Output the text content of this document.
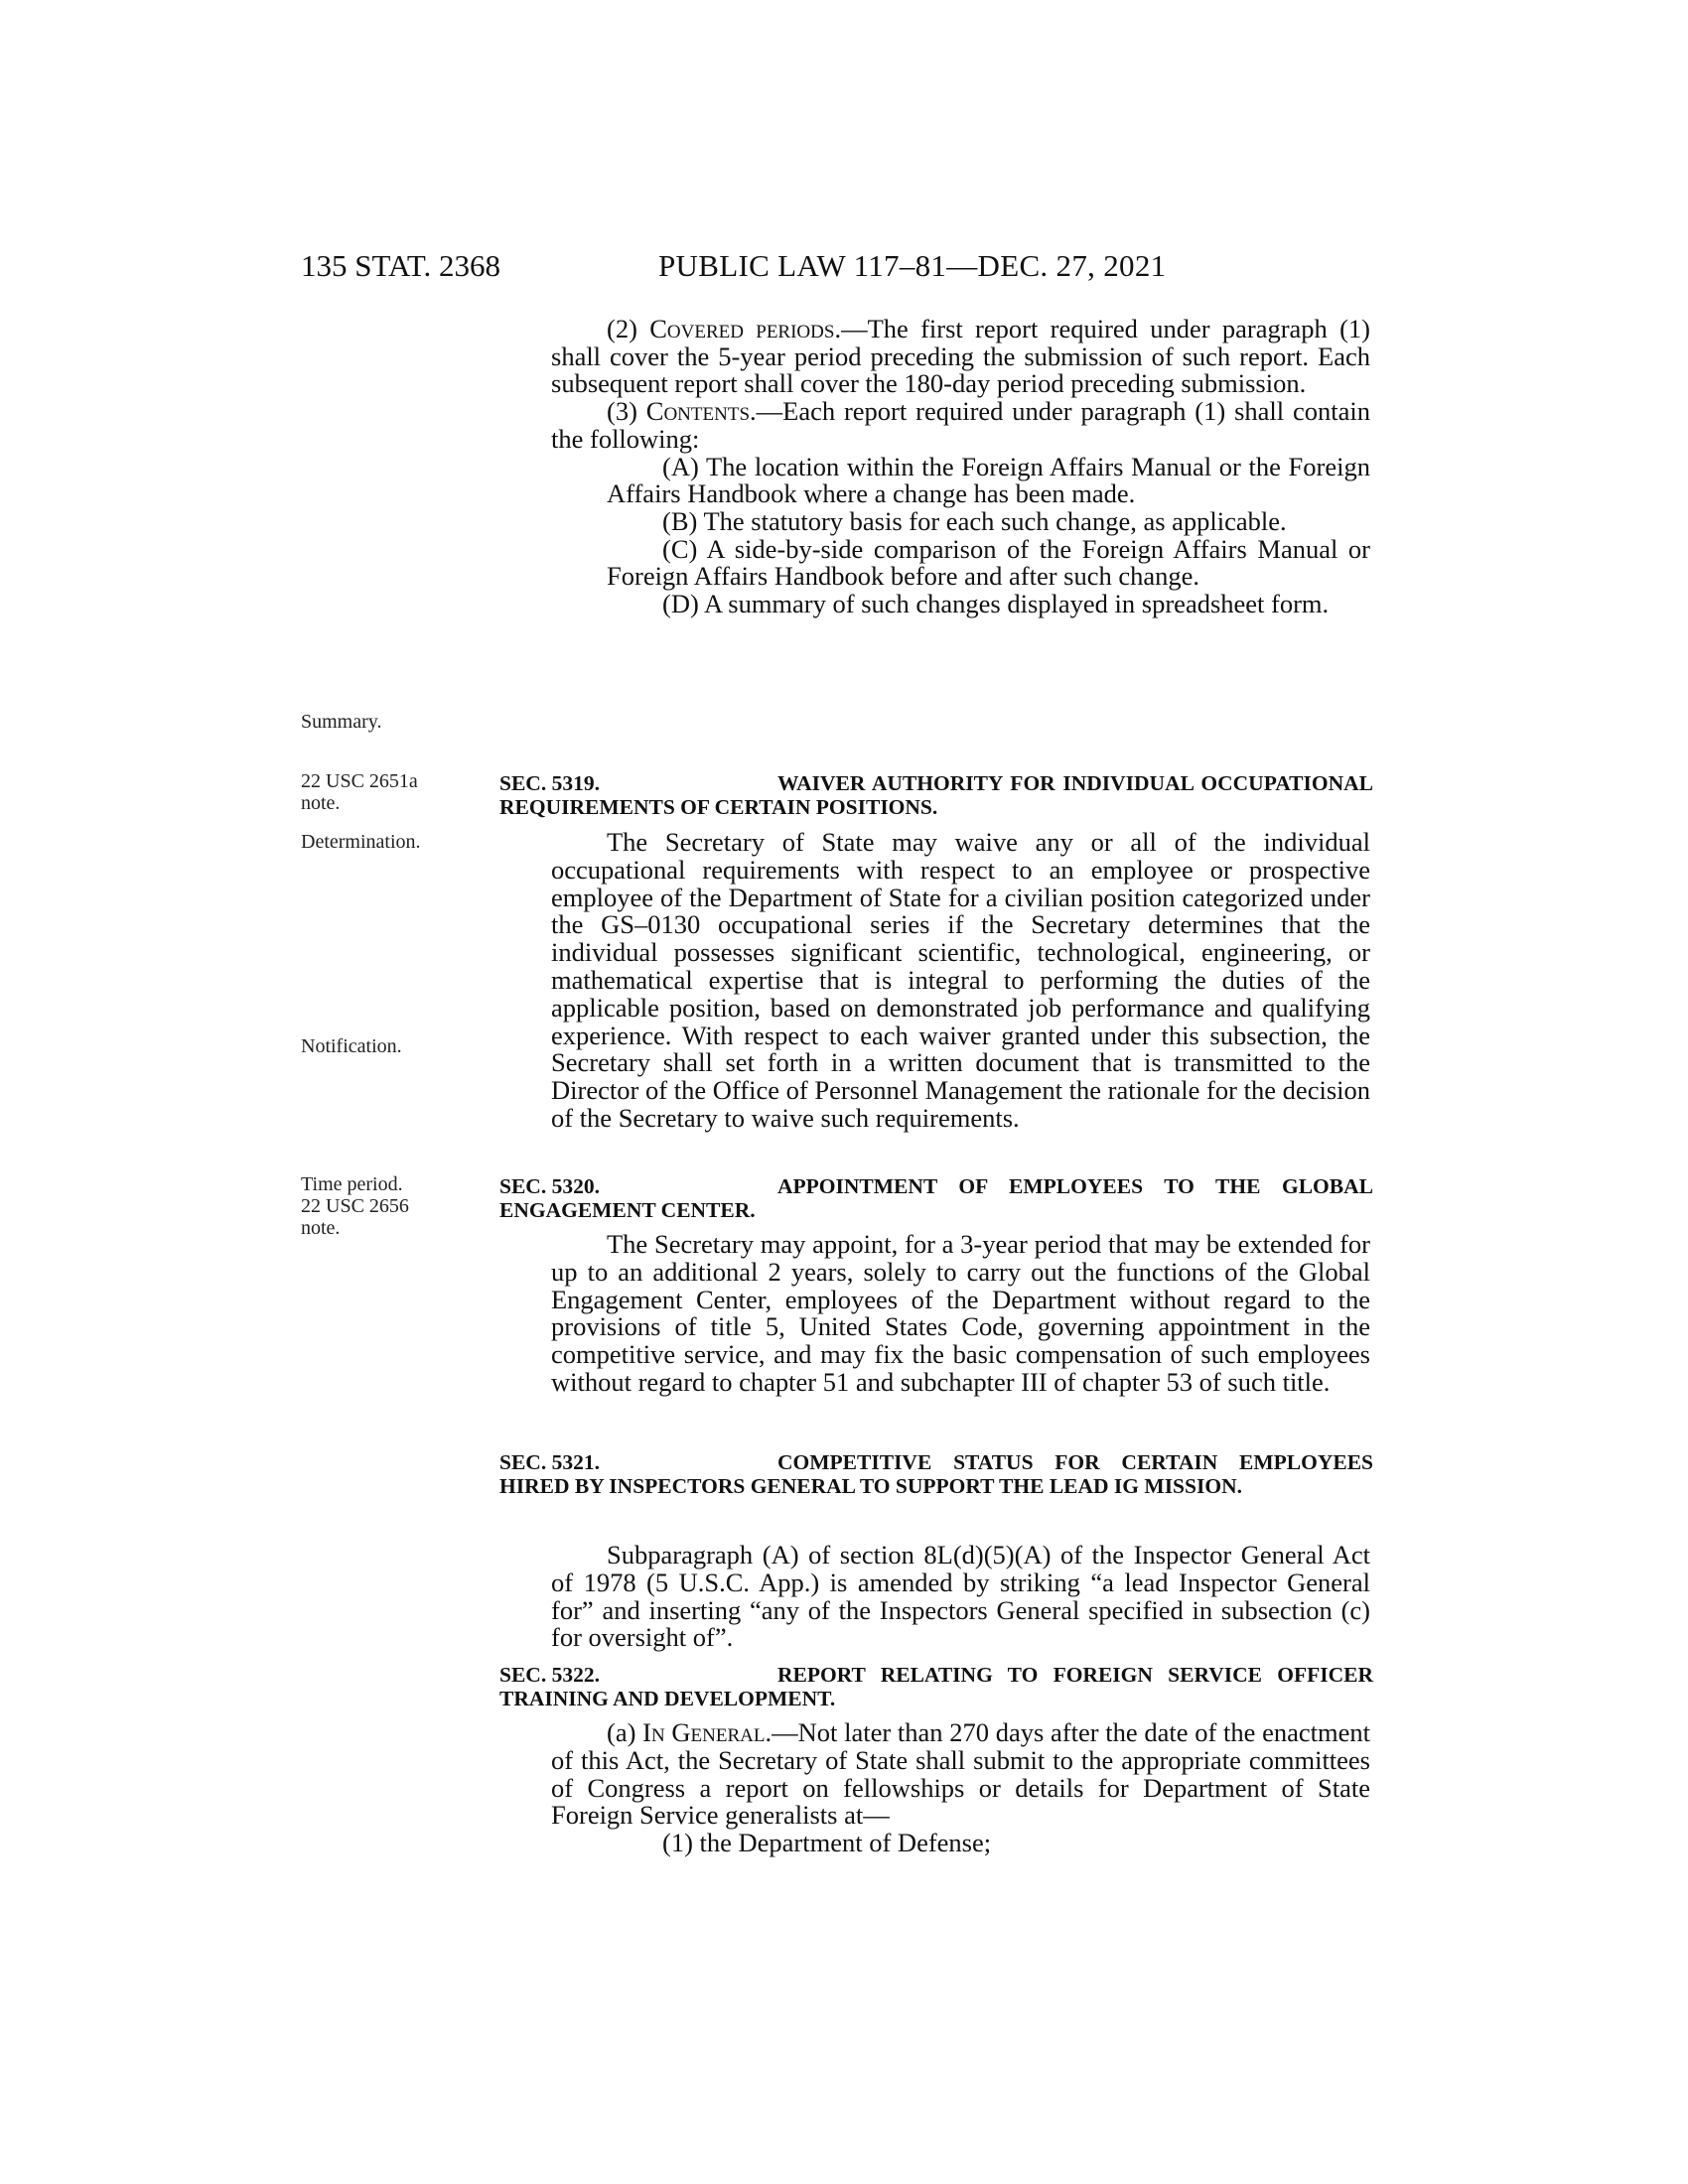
135 STAT. 2368	PUBLIC LAW 117–81—DEC. 27, 2021

(2) Covered periods.—The first report required under paragraph (1) shall cover the 5-year period preceding the submission of such report. Each subsequent report shall cover the 180-day period preceding submission.

(3) Contents.—Each report required under paragraph (1) shall contain the following:

(A) The location within the Foreign Affairs Manual or the Foreign Affairs Handbook where a change has been made.

(B) The statutory basis for each such change, as applicable.

(C) A side-by-side comparison of the Foreign Affairs Manual or Foreign Affairs Handbook before and after such change.

(D) A summary of such changes displayed in spreadsheet form.

Summary.
22 USC 2651a
note.
Determination.
Notification.
Time period.
22 USC 2656
note.
SEC. 5319.	WAIVER AUTHORITY FOR INDIVIDUAL OCCUPATIONAL REQUIREMENTS OF CERTAIN POSITIONS.
The Secretary of State may waive any or all of the individual occupational requirements with respect to an employee or prospective employee of the Department of State for a civilian position categorized under the GS–0130 occupational series if the Secretary determines that the individual possesses significant scientific, technological, engineering, or mathematical expertise that is integral to performing the duties of the applicable position, based on demonstrated job performance and qualifying experience. With respect to each waiver granted under this subsection, the Secretary shall set forth in a written document that is transmitted to the Director of the Office of Personnel Management the rationale for the decision of the Secretary to waive such requirements.
SEC. 5320.	APPOINTMENT OF EMPLOYEES TO THE GLOBAL ENGAGEMENT CENTER.
The Secretary may appoint, for a 3-year period that may be extended for up to an additional 2 years, solely to carry out the functions of the Global Engagement Center, employees of the Department without regard to the provisions of title 5, United States Code, governing appointment in the competitive service, and may fix the basic compensation of such employees without regard to chapter 51 and subchapter III of chapter 53 of such title.
SEC. 5321.	COMPETITIVE STATUS FOR CERTAIN EMPLOYEES HIRED BY INSPECTORS GENERAL TO SUPPORT THE LEAD IG MISSION.
Subparagraph (A) of section 8L(d)(5)(A) of the Inspector General Act of 1978 (5 U.S.C. App.) is amended by striking “a lead Inspector General for” and inserting “any of the Inspectors General specified in subsection (c) for oversight of”.
SEC. 5322.	REPORT RELATING TO FOREIGN SERVICE OFFICER TRAINING AND DEVELOPMENT.

(a) In General.—Not later than 270 days after the date of the enactment of this Act, the Secretary of State shall submit to the appropriate committees of Congress a report on fellowships or details for Department of State Foreign Service generalists at—

(1) the Department of Defense;
